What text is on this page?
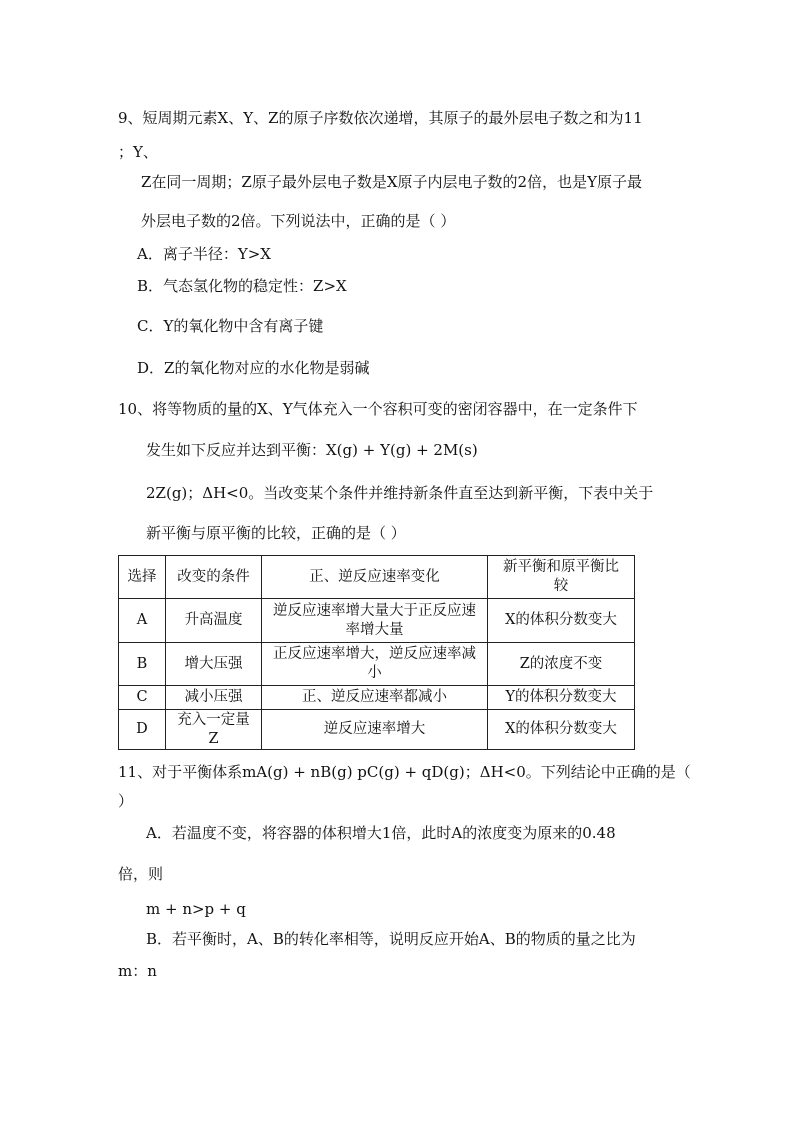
9、短周期元素X、Y、Z的原子序数依次递增，其原子的最外层电子数之和为11
；Y、
Z在同一周期；Z原子最外层电子数是X原子内层电子数的2倍，也是Y原子最
外层电子数的2倍。下列说法中，正确的是（ ）
A．离子半径：Y>X
B．气态氢化物的稳定性：Z>X
C．Y的氧化物中含有离子键
D．Z的氧化物对应的水化物是弱碱
10、将等物质的量的X、Y气体充入一个容积可变的密闭容器中，在一定条件下
发生如下反应并达到平衡：X(g) + Y(g) + 2M(s)
2Z(g)；ΔH<0。当改变某个条件并维持新条件直至达到新平衡，下表中关于
新平衡与原平衡的比较，正确的是（ ）
选择	改变的条件	正、逆反应速率变化	新平衡和原平衡比较
A	升高温度	逆反应速率增大量大于正反应速率增大量	X的体积分数变大
B	增大压强	正反应速率增大，逆反应速率减小	Z的浓度不变
C	减小压强	正、逆反应速率都减小	Y的体积分数变大
D	充入一定量Z	逆反应速率增大	X的体积分数变大
11、对于平衡体系mA(g) + nB(g) pC(g) + qD(g)；ΔH<0。下列结论中正确的是（
）
A．若温度不变，将容器的体积增大1倍，此时A的浓度变为原来的0.48
倍，则
m + n>p + q
B．若平衡时，A、B的转化率相等，说明反应开始A、B的物质的量之比为
m：n
